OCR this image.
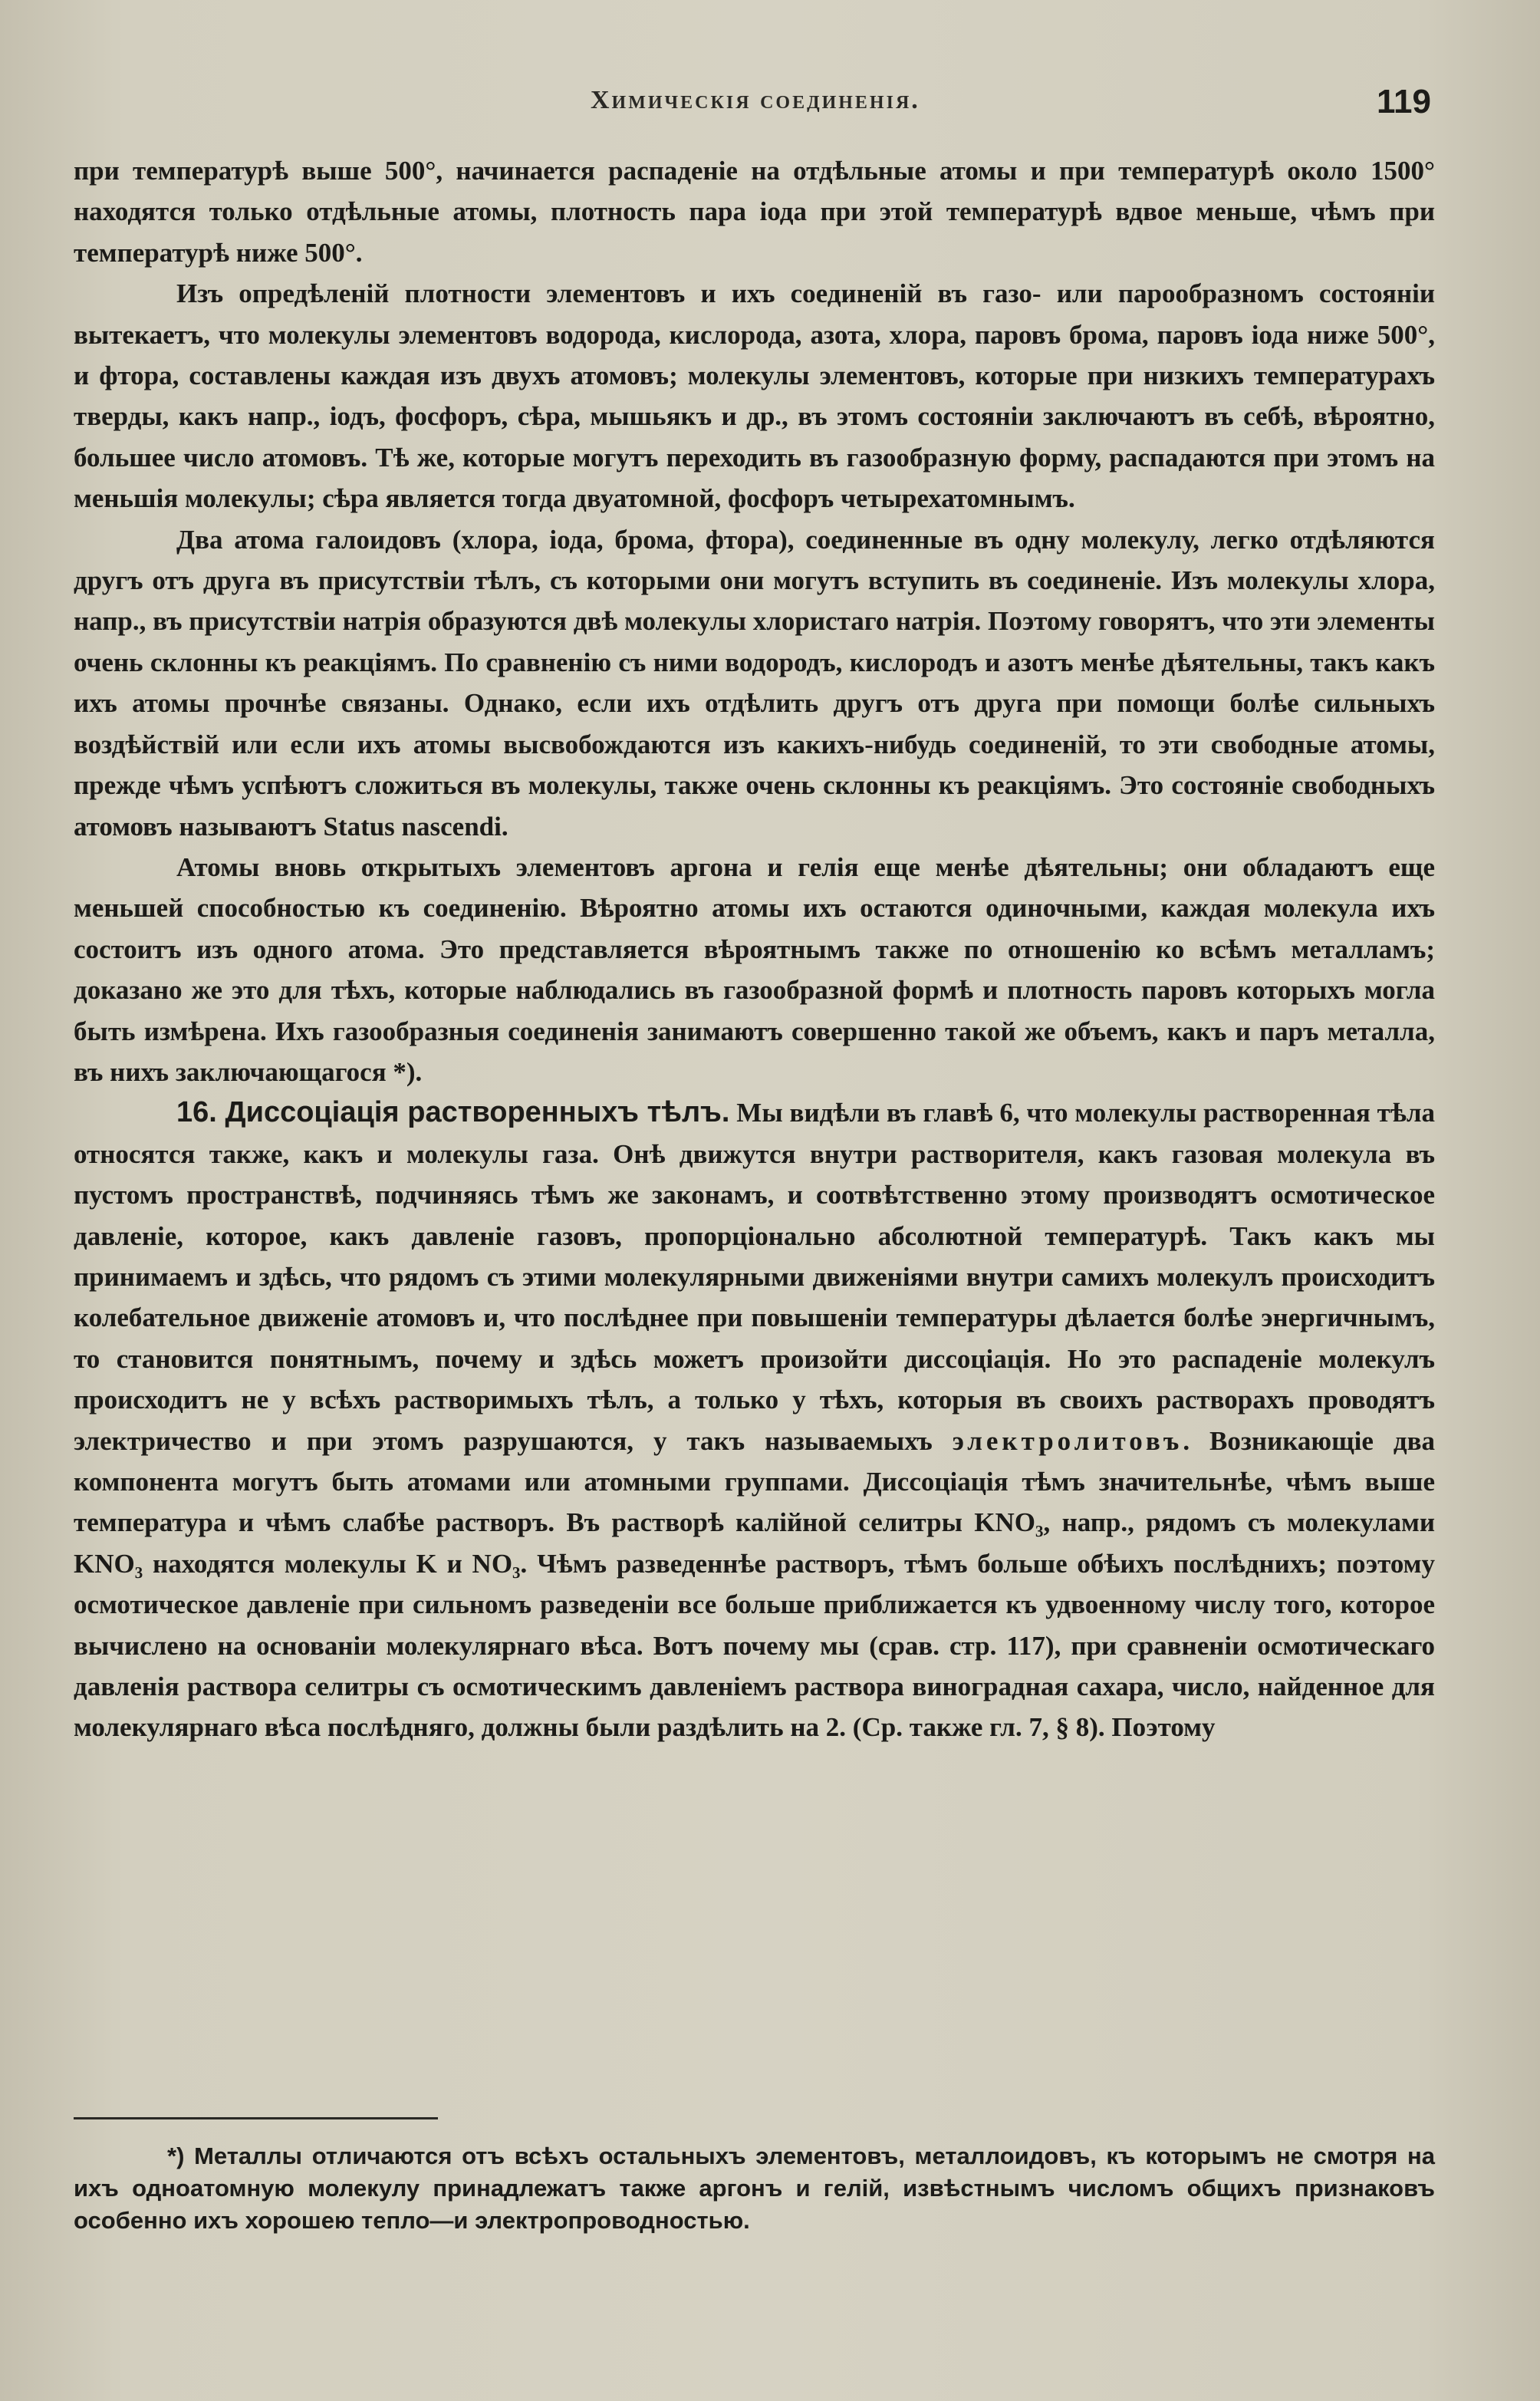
Химическія соединенія.	119

при температурѣ выше 500°, начинается распаденіе на отдѣльные атомы и при температурѣ около 1500° находятся только отдѣльные атомы, плотность пара іода при этой температурѣ вдвое меньше, чѣмъ при температурѣ ниже 500°.

Изъ опредѣленій плотности элементовъ и ихъ соединеній въ газо- или парообразномъ состояніи вытекаетъ, что молекулы элементовъ водорода, кислорода, азота, хлора, паровъ брома, паровъ іода ниже 500°, и фтора, составлены каждая изъ двухъ атомовъ; молекулы элементовъ, которые при низкихъ температурахъ тверды, какъ напр., іодъ, фосфоръ, сѣра, мышьякъ и др., въ этомъ состояніи заключаютъ въ себѣ, вѣроятно, большее число атомовъ. Тѣ же, которые могутъ переходить въ газообразную форму, распадаются при этомъ на меньшія молекулы; сѣра является тогда двуатомной, фосфоръ четырехатомнымъ.

Два атома галоидовъ (хлора, іода, брома, фтора), соединенные въ одну молекулу, легко отдѣляются другъ отъ друга въ присутствіи тѣлъ, съ которыми они могутъ вступить въ соединеніе. Изъ молекулы хлора, напр., въ присутствіи натрія образуются двѣ молекулы хлористаго натрія. Поэтому говорятъ, что эти элементы очень склонны къ реакціямъ. По сравненію съ ними водородъ, кислородъ и азотъ менѣе дѣятельны, такъ какъ ихъ атомы прочнѣе связаны. Однако, если ихъ отдѣлить другъ отъ друга при помощи болѣе сильныхъ воздѣйствій или если ихъ атомы высвобождаются изъ какихъ-нибудь соединеній, то эти свободные атомы, прежде чѣмъ успѣютъ сложиться въ молекулы, также очень склонны къ реакціямъ. Это состояніе свободныхъ атомовъ называютъ Status nascendi.

Атомы вновь открытыхъ элементовъ аргона и гелія еще менѣе дѣятельны; они обладаютъ еще меньшей способностью къ соединенію. Вѣроятно атомы ихъ остаются одиночными, каждая молекула ихъ состоитъ изъ одного атома. Это представляется вѣроятнымъ также по отношенію ко всѣмъ металламъ; доказано же это для тѣхъ, которые наблюдались въ газообразной формѣ и плотность паровъ которыхъ могла быть измѣрена. Ихъ газообразныя соединенія занимаютъ совершенно такой же объемъ, какъ и паръ металла, въ нихъ заключающагося *).

16. Диссоціація растворенныхъ тѣлъ. Мы видѣли въ главѣ 6, что молекулы растворенная тѣла относятся также, какъ и молекулы газа. Онѣ движутся внутри растворителя, какъ газовая молекула въ пустомъ пространствѣ, подчиняясь тѣмъ же законамъ, и соотвѣтственно этому производятъ осмотическое давленіе, которое, какъ давленіе газовъ, пропорціонально абсолютной температурѣ. Такъ какъ мы принимаемъ и здѣсь, что рядомъ съ этими молекулярными движеніями внутри самихъ молекулъ происходитъ колебательное движеніе атомовъ и, что послѣднее при повышеніи температуры дѣлается болѣе энергичнымъ, то становится понятнымъ, почему и здѣсь можетъ произойти диссоціація. Но это распаденіе молекулъ происходитъ не у всѣхъ растворимыхъ тѣлъ, а только у тѣхъ, которыя въ своихъ растворахъ проводятъ электричество и при этомъ разрушаются, у такъ называемыхъ электролитовъ. Возникающіе два компонента могутъ быть атомами или атомными группами. Диссоціація тѣмъ значительнѣе, чѣмъ выше температура и чѣмъ слабѣе растворъ. Въ растворѣ калійной селитры KNO₃, напр., рядомъ съ молекулами KNO₃ находятся молекулы K и NO₃. Чѣмъ разведеннѣе растворъ, тѣмъ больше обѣихъ послѣднихъ; поэтому осмотическое давленіе при сильномъ разведеніи все больше приближается къ удвоенному числу того, которое вычислено на основаніи молекулярнаго вѣса. Вотъ почему мы (срав. стр. 117), при сравненіи осмотическаго давленія раствора селитры съ осмотическимъ давленіемъ раствора виноградная сахара, число, найденное для молекулярнаго вѣса послѣдняго, должны были раздѣлить на 2. (Ср. также гл. 7, § 8). Поэтому

*) Металлы отличаются отъ всѣхъ остальныхъ элементовъ, металлоидовъ, къ которымъ не смотря на ихъ одноатомную молекулу принадлежатъ также аргонъ и гелій, извѣстнымъ числомъ общихъ признаковъ особенно ихъ хорошею тепло—и электропроводностью.
